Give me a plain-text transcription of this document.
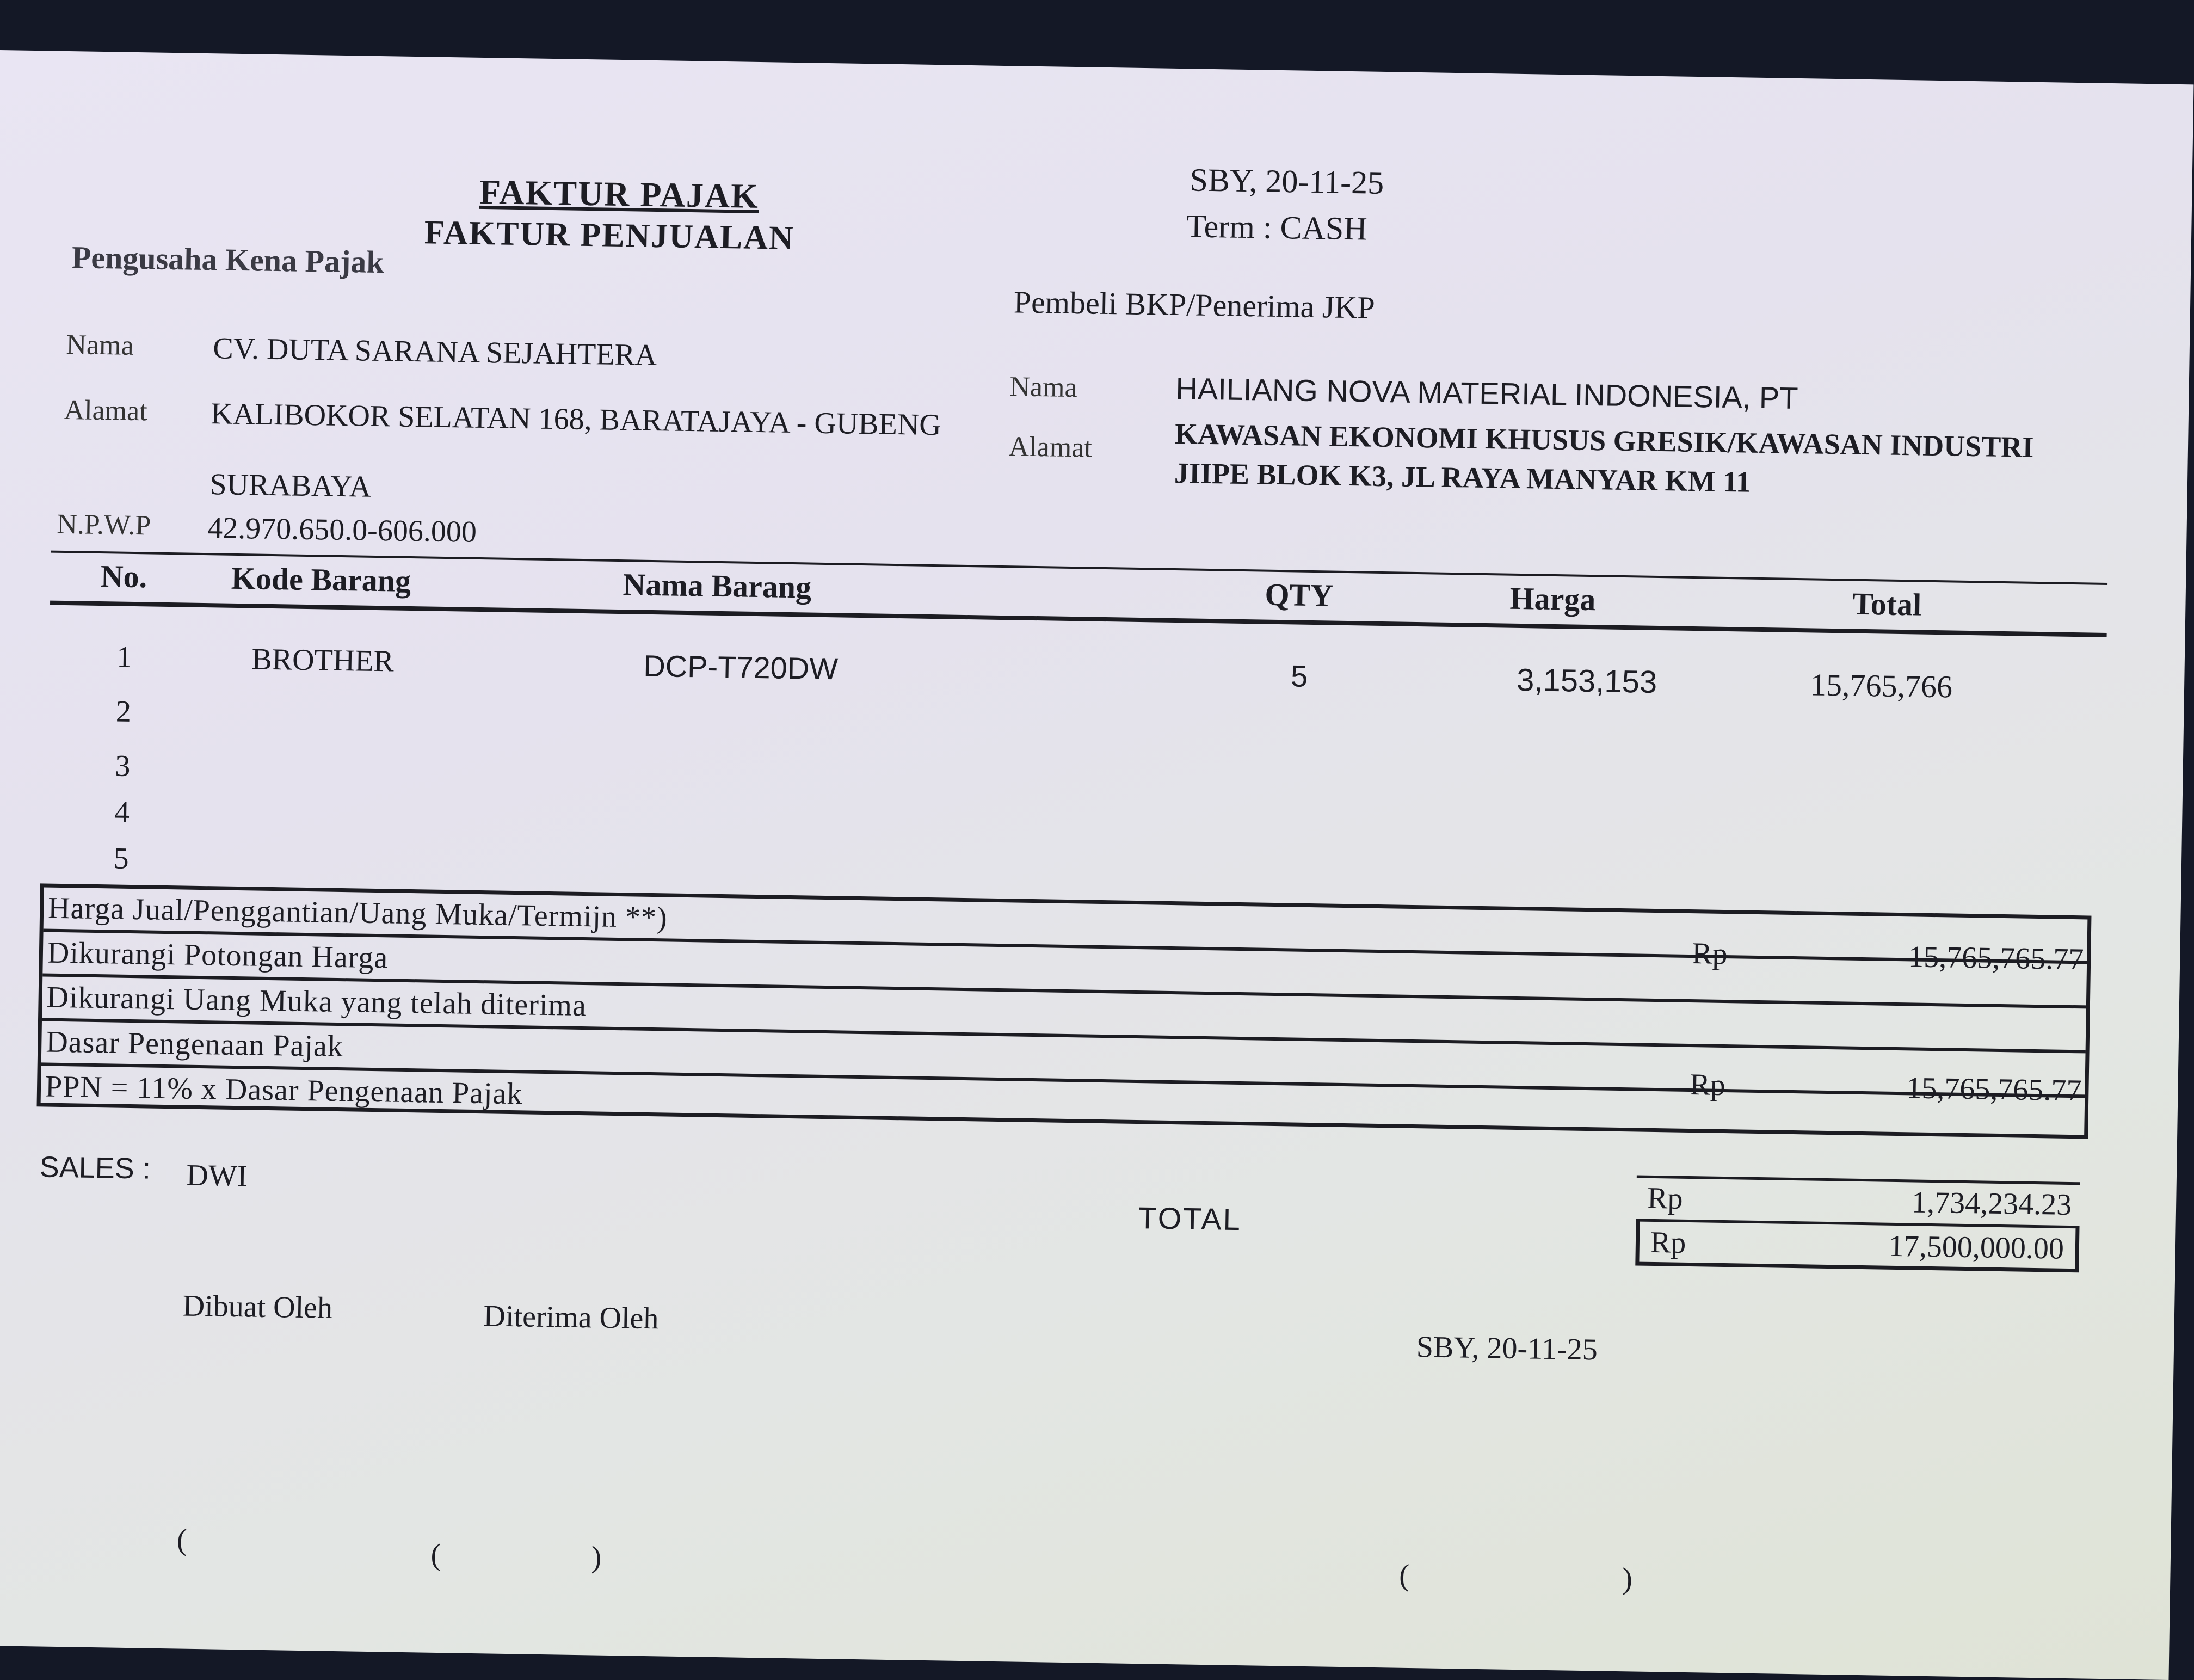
FAKTUR PAJAK
FAKTUR PENJUALAN
SBY, 20-11-25
Term : CASH
Pengusaha Kena Pajak
Nama	CV. DUTA SARANA SEJAHTERA
Alamat KALIBOKOR SELATAN 168, BARATAJAYA - GUBENG
SURABAYA
N.P.W.P 42.970.650.0-606.000
Pembeli BKP/Penerima JKP
Nama	HAILIANG NOVA MATERIAL INDONESIA, PT
Alamat	KAWASAN EKONOMI KHUSUS GRESIK/KAWASAN INDUSTRI
JIIPE BLOK K3, JL RAYA MANYAR KM 11
No.	Kode Barang	Nama Barang	QTY	Harga	Total
1	BROTHER	DCP-T720DW	5	3,153,153	15,765,766
2
3
4
5
Harga Jual/Penggantian/Uang Muka/Termijn **)
Dikurangi Potongan Harga	Rp	15,765,765.77
Dikurangi Uang Muka yang telah diterima
Dasar Pengenaan Pajak
PPN = 11% x Dasar Pengenaan Pajak	Rp	15,765,765.77
Rp	1,734,234.23
TOTAL
Rp	17,500,000.00
SALES : DWI
Dibuat Oleh	Diterima Oleh
SBY, 20-11-25
(	(	)
(	)
